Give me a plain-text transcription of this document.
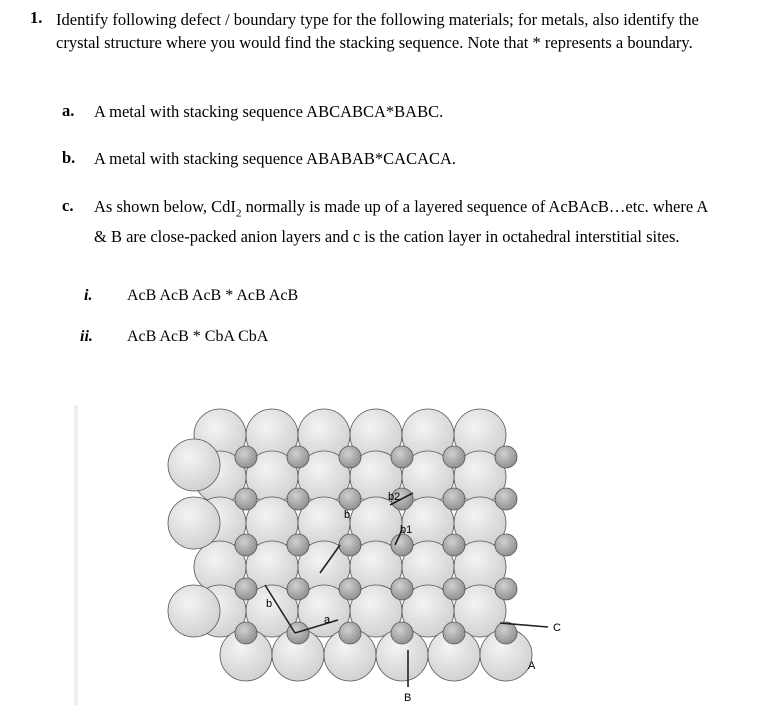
1. Identify following defect / boundary type for the following materials; for metals, also identify the crystal structure where you would find the stacking sequence. Note that * represents a boundary.
a. A metal with stacking sequence ABCABCA*BABC.
b. A metal with stacking sequence ABABAB*CACACA.
c. As shown below, CdI$_2$ normally is made up of a layered sequence of AcBAcB…etc. where A & B are close-packed anion layers and c is the cation layer in octahedral interstitial sites.
i. AcB AcB AcB * AcB AcB
ii. AcB AcB * CbA CbA
b2
b1
b
b
a
C
A
B
